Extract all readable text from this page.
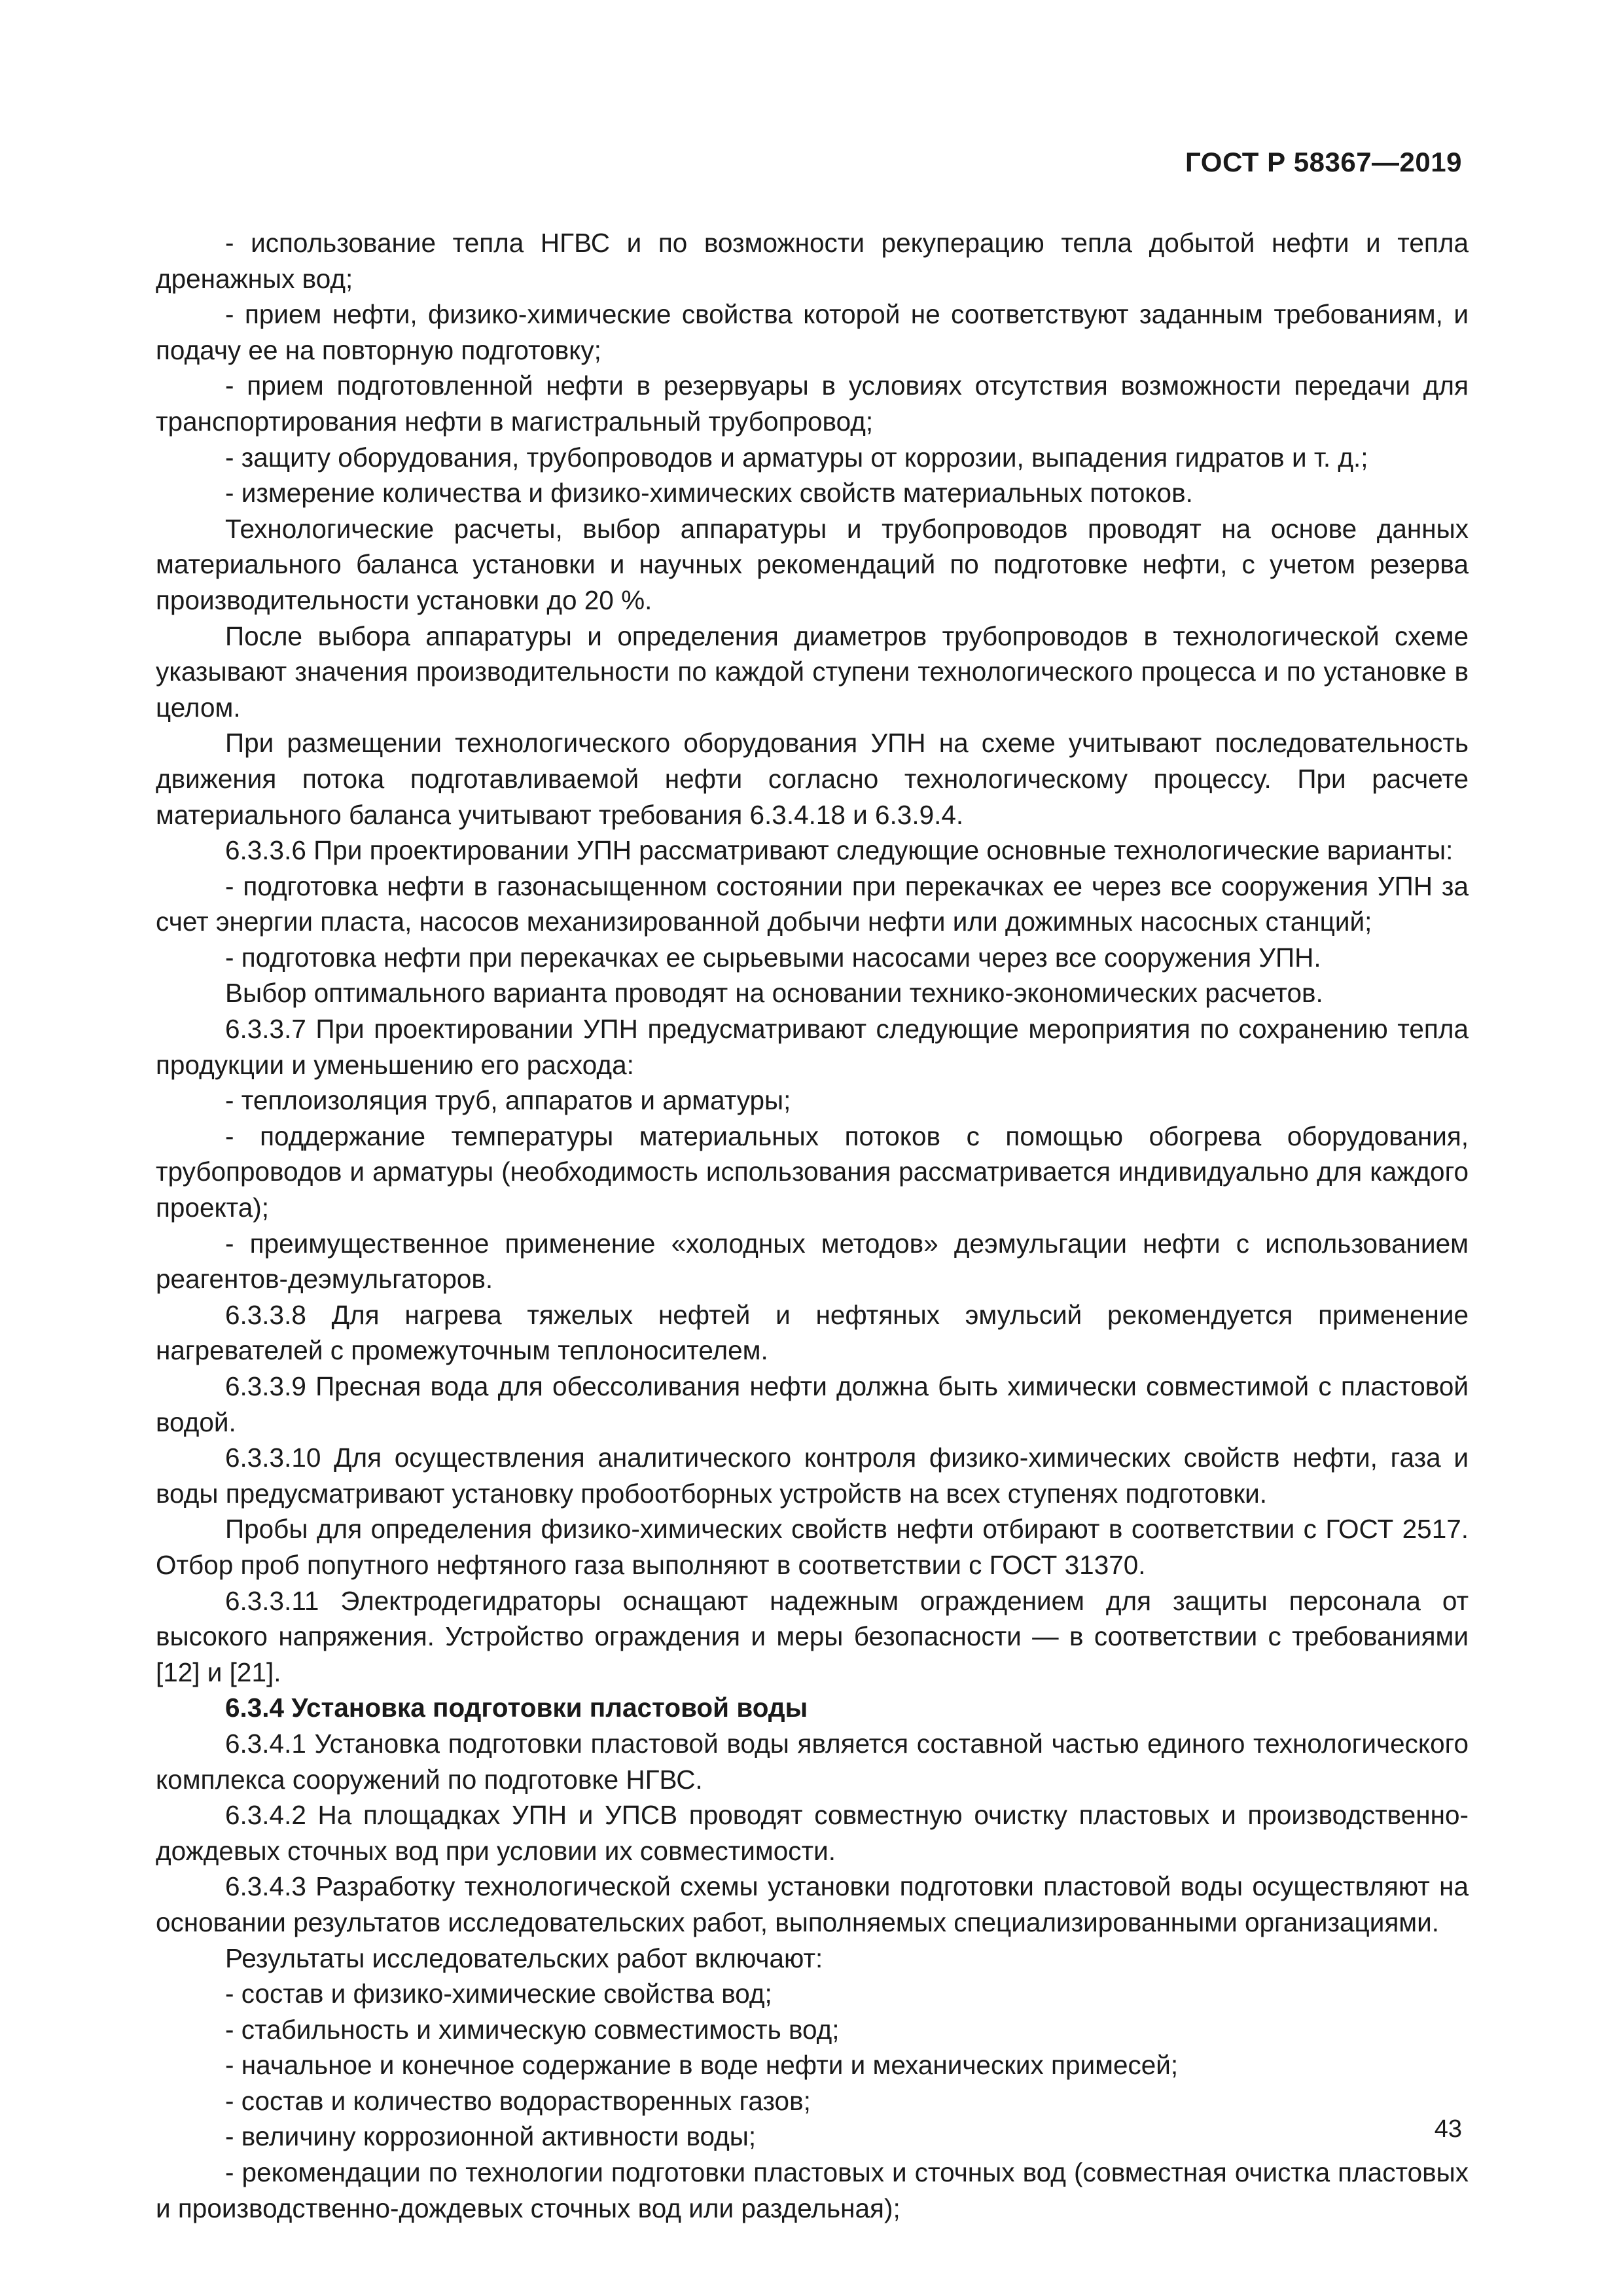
ГОСТ Р 58367—2019

- использование тепла НГВС и по возможности рекуперацию тепла добытой нефти и тепла дренажных вод;

- прием нефти, физико-химические свойства которой не соответствуют заданным требованиям, и подачу ее на повторную подготовку;

- прием подготовленной нефти в резервуары в условиях отсутствия возможности передачи для транспортирования нефти в магистральный трубопровод;

- защиту оборудования, трубопроводов и арматуры от коррозии, выпадения гидратов и т. д.;

- измерение количества и физико-химических свойств материальных потоков.

Технологические расчеты, выбор аппаратуры и трубопроводов проводят на основе данных материального баланса установки и научных рекомендаций по подготовке нефти, с учетом резерва производительности установки до 20 %.

После выбора аппаратуры и определения диаметров трубопроводов в технологической схеме указывают значения производительности по каждой ступени технологического процесса и по установке в целом.

При размещении технологического оборудования УПН на схеме учитывают последовательность движения потока подготавливаемой нефти согласно технологическому процессу. При расчете материального баланса учитывают требования 6.3.4.18 и 6.3.9.4.

6.3.3.6 При проектировании УПН рассматривают следующие основные технологические варианты:

- подготовка нефти в газонасыщенном состоянии при перекачках ее через все сооружения УПН за счет энергии пласта, насосов механизированной добычи нефти или дожимных насосных станций;

- подготовка нефти при перекачках ее сырьевыми насосами через все сооружения УПН.

Выбор оптимального варианта проводят на основании технико-экономических расчетов.

6.3.3.7 При проектировании УПН предусматривают следующие мероприятия по сохранению тепла продукции и уменьшению его расхода:

- теплоизоляция труб, аппаратов и арматуры;

- поддержание температуры материальных потоков с помощью обогрева оборудования, трубопроводов и арматуры (необходимость использования рассматривается индивидуально для каждого проекта);

- преимущественное применение «холодных методов» деэмульгации нефти с использованием реагентов-деэмульгаторов.

6.3.3.8 Для нагрева тяжелых нефтей и нефтяных эмульсий рекомендуется применение нагревателей с промежуточным теплоносителем.

6.3.3.9 Пресная вода для обессоливания нефти должна быть химически совместимой с пластовой водой.

6.3.3.10 Для осуществления аналитического контроля физико-химических свойств нефти, газа и воды предусматривают установку пробоотборных устройств на всех ступенях подготовки.

Пробы для определения физико-химических свойств нефти отбирают в соответствии с ГОСТ 2517. Отбор проб попутного нефтяного газа выполняют в соответствии с ГОСТ 31370.

6.3.3.11 Электродегидраторы оснащают надежным ограждением для защиты персонала от высокого напряжения. Устройство ограждения и меры безопасности — в соответствии с требованиями [12] и [21].

6.3.4 Установка подготовки пластовой воды

6.3.4.1 Установка подготовки пластовой воды является составной частью единого технологического комплекса сооружений по подготовке НГВС.

6.3.4.2 На площадках УПН и УПСВ проводят совместную очистку пластовых и производственно-дождевых сточных вод при условии их совместимости.

6.3.4.3 Разработку технологической схемы установки подготовки пластовой воды осуществляют на основании результатов исследовательских работ, выполняемых специализированными организациями.

Результаты исследовательских работ включают:

- состав и физико-химические свойства вод;

- стабильность и химическую совместимость вод;

- начальное и конечное содержание в воде нефти и механических примесей;

- состав и количество водорастворенных газов;

- величину коррозионной активности воды;

- рекомендации по технологии подготовки пластовых и сточных вод (совместная очистка пластовых и производственно-дождевых сточных вод или раздельная);

43
